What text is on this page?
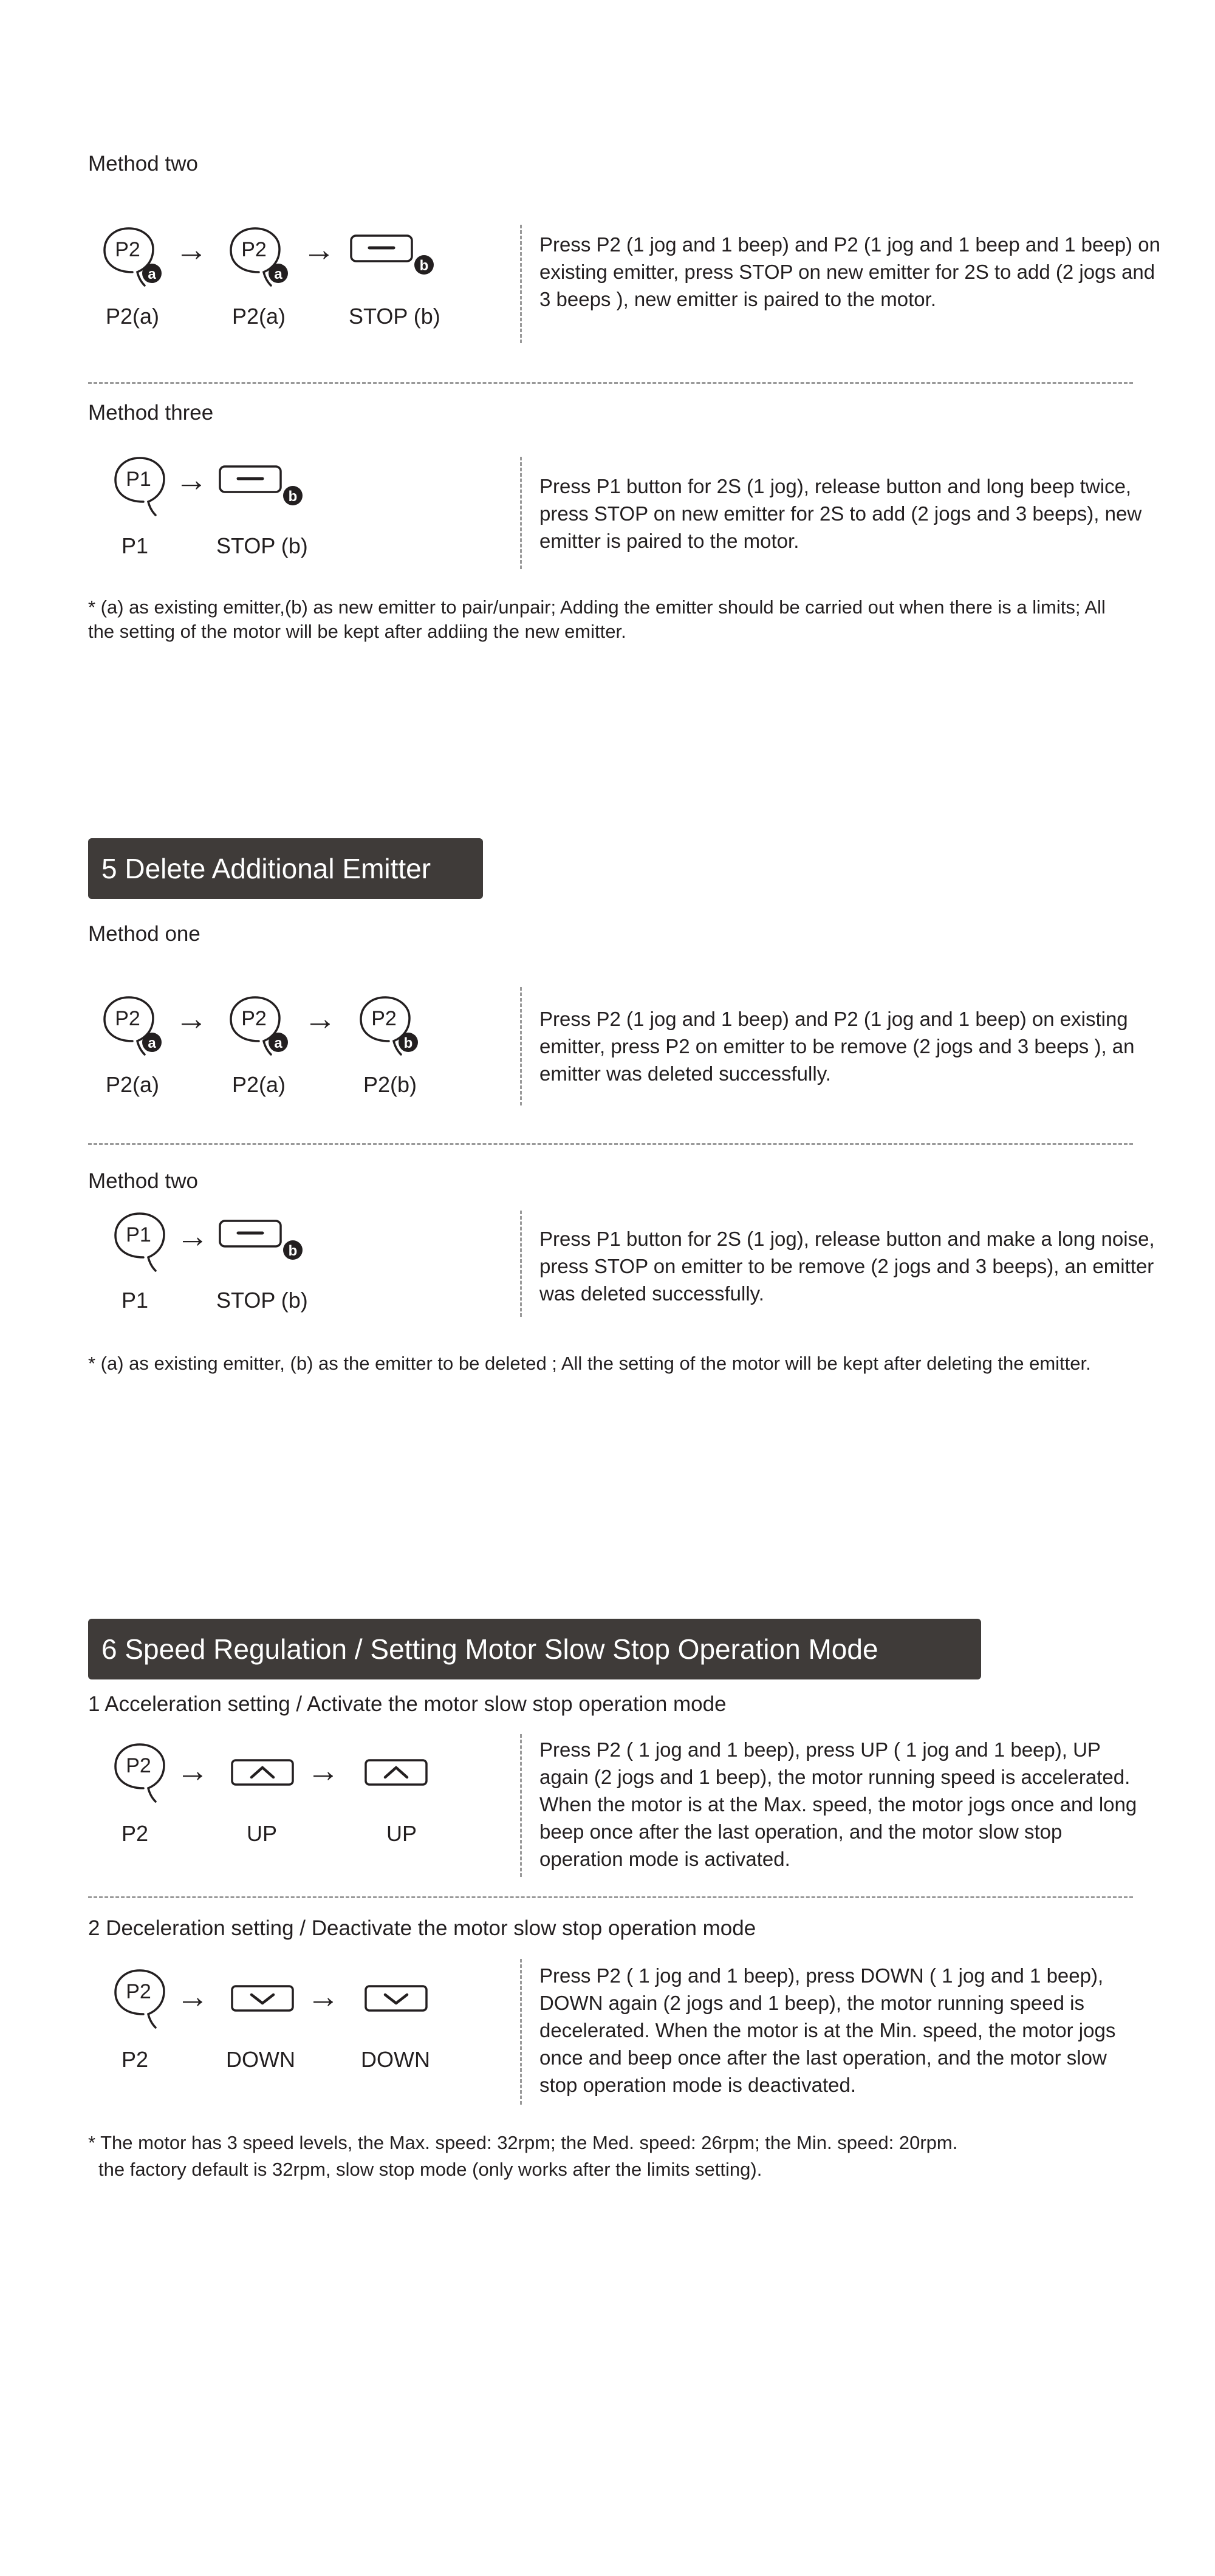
Method two
P2
a
→ P2
a
→	b
P2(a)	P2(a)	STOP (b)
Press P2 (1 jog and 1 beep) and P2 (1 jog and 1 beep and 1 beep) on existing emitter, press STOP on new emitter for 2S to add (2 jogs and 3 beeps ), new emitter is paired to the motor.
Method three
P1 →	b
P1	STOP (b)
Press P1 button for 2S (1 jog), release button and long beep twice, press STOP on new emitter for 2S to add (2 jogs and 3 beeps), new emitter is paired to the motor.
* (a) as existing emitter,(b) as new emitter to pair/unpair; Adding the emitter should be carried out when there is a limits; All the setting of the motor will be kept after addiing the new emitter.
5 Delete Additional Emitter
Method one
P2
a
→ P2
a
→ P2
b
P2(a)	P2(a)	P2(b)
Press P2 (1 jog and 1 beep) and P2 (1 jog and 1 beep) on existing emitter, press P2 on emitter to be remove (2 jogs and 3 beeps ), an emitter was deleted successfully.
Method two
P1 →	b
P1	STOP (b)
Press P1 button for 2S (1 jog), release button and make a long noise, press STOP on emitter to be remove (2 jogs and 3 beeps), an emitter was deleted successfully.
* (a) as existing emitter, (b) as the emitter to be deleted ; All the setting of the motor will be kept after deleting the emitter.
6 Speed Regulation / Setting Motor Slow Stop Operation Mode
1 Acceleration setting / Activate the motor slow stop operation mode
P2 →	→
P2	UP	UP
Press P2 ( 1 jog and 1 beep), press UP ( 1 jog and 1 beep), UP again (2 jogs and 1 beep), the motor running speed is accelerated. When the motor is at the Max. speed, the motor jogs once and long beep once after the last operation, and the motor slow stop operation mode is activated.
2 Deceleration setting / Deactivate the motor slow stop operation mode
P2 →	→
P2	DOWN	DOWN
Press P2 ( 1 jog and 1 beep), press DOWN ( 1 jog and 1 beep), DOWN again (2 jogs and 1 beep), the motor running speed is decelerated. When the motor is at the Min. speed, the motor jogs once and beep once after the last operation, and the motor slow stop operation mode is deactivated.
* The motor has 3 speed levels, the Max. speed: 32rpm; the Med. speed: 26rpm; the Min. speed: 20rpm.
the factory default is 32rpm, slow stop mode (only works after the limits setting).
